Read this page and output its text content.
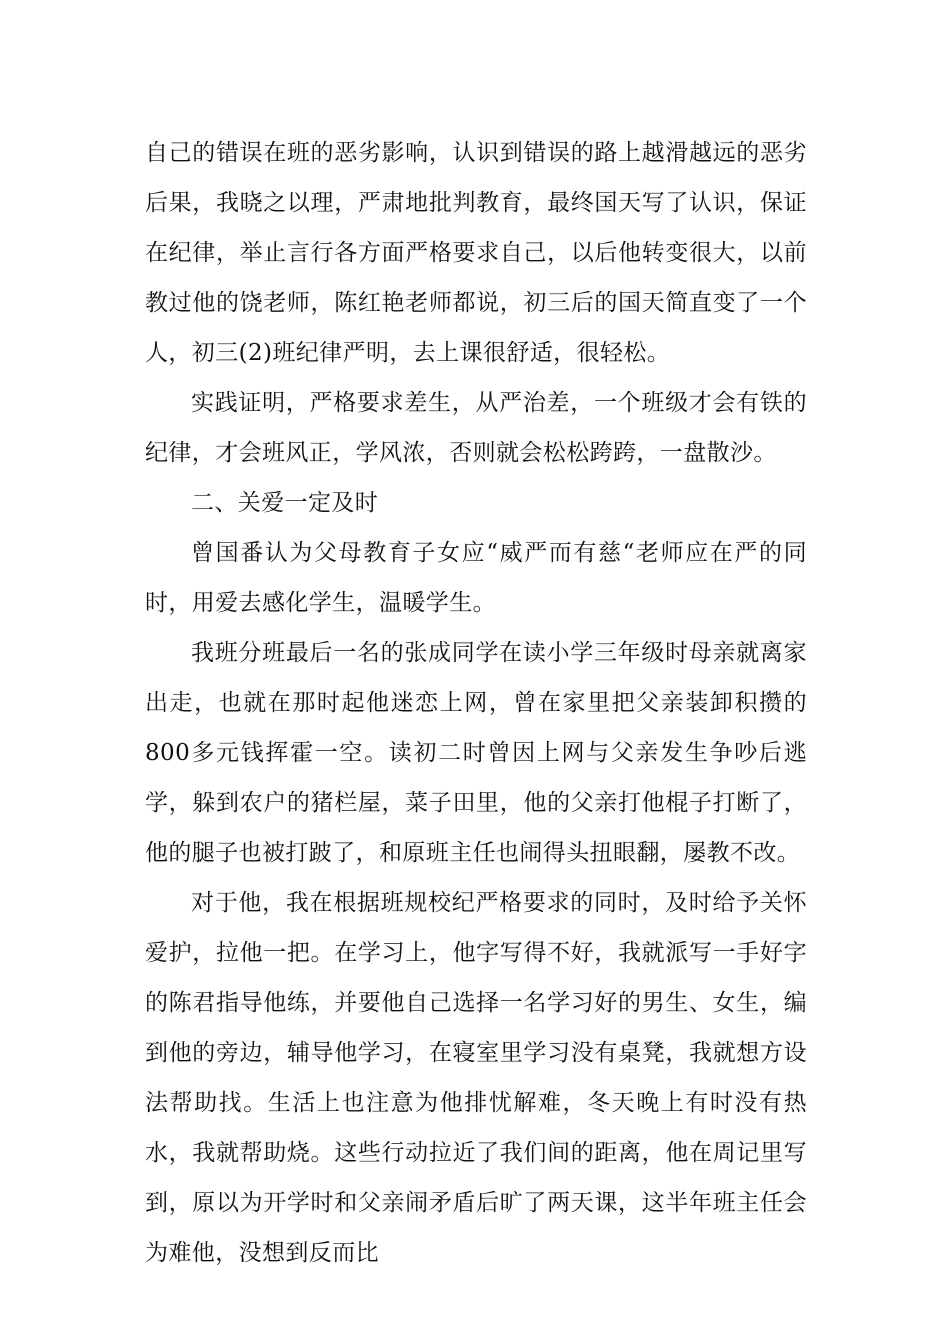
自己的错误在班的恶劣影响，认识到错误的路上越滑越远的恶劣后果，我晓之以理，严肃地批判教育，最终国天写了认识，保证在纪律，举止言行各方面严格要求自己，以后他转变很大，以前教过他的饶老师，陈红艳老师都说，初三后的国天简直变了一个人，初三(2)班纪律严明，去上课很舒适，很轻松。

实践证明，严格要求差生，从严治差，一个班级才会有铁的纪律，才会班风正，学风浓，否则就会松松跨跨，一盘散沙。

二、关爱一定及时

曾国番认为父母教育子女应“威严而有慈“老师应在严的同时，用爱去感化学生，温暖学生。

我班分班最后一名的张成同学在读小学三年级时母亲就离家出走，也就在那时起他迷恋上网，曾在家里把父亲装卸积攒的800多元钱挥霍一空。读初二时曾因上网与父亲发生争吵后逃学，躲到农户的猪栏屋，菜子田里，他的父亲打他棍子打断了，他的腿子也被打跛了，和原班主任也闹得头扭眼翻，屡教不改。

对于他，我在根据班规校纪严格要求的同时，及时给予关怀爱护，拉他一把。在学习上，他字写得不好，我就派写一手好字的陈君指导他练，并要他自己选择一名学习好的男生、女生，编到他的旁边，辅导他学习，在寝室里学习没有桌凳，我就想方设法帮助找。生活上也注意为他排忧解难，冬天晚上有时没有热水，我就帮助烧。这些行动拉近了我们间的距离，他在周记里写到，原以为开学时和父亲闹矛盾后旷了两天课，这半年班主任会为难他，没想到反而比
